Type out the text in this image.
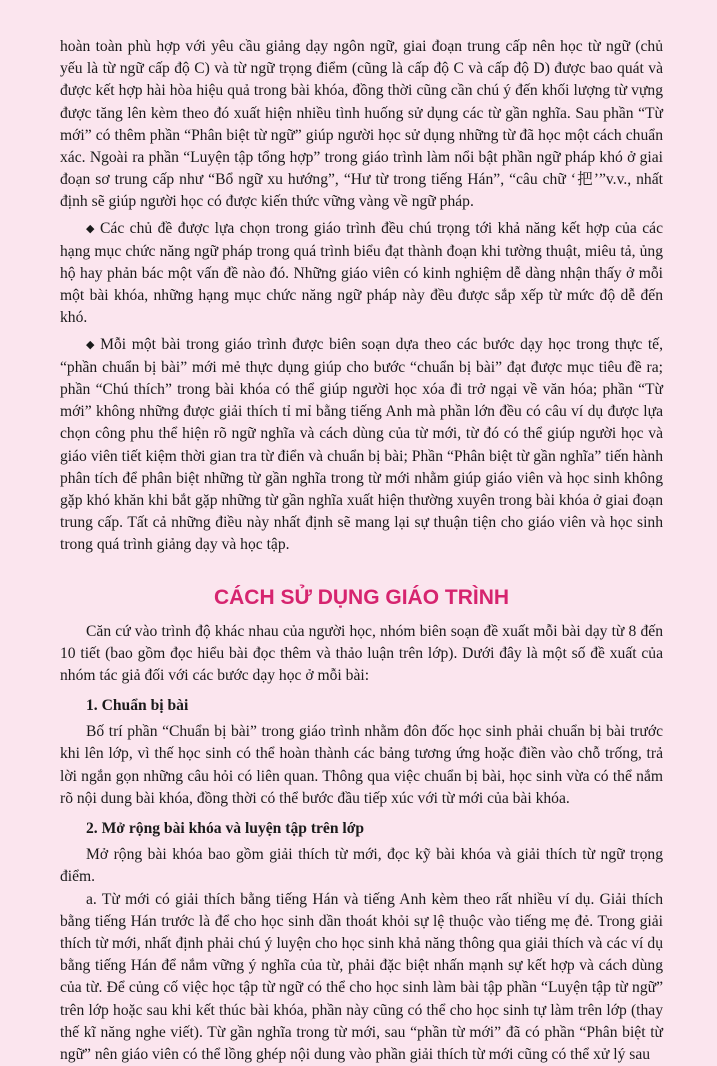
hoàn toàn phù hợp với yêu cầu giảng dạy ngôn ngữ, giai đoạn trung cấp nên học từ ngữ (chủ yếu là từ ngữ cấp độ C) và từ ngữ trọng điểm (cũng là cấp độ C và cấp độ D) được bao quát và được kết hợp hài hòa hiệu quả trong bài khóa, đồng thời cũng cần chú ý đến khối lượng từ vựng được tăng lên kèm theo đó xuất hiện nhiều tình huống sử dụng các từ gần nghĩa. Sau phần “Từ mới” có thêm phần “Phân biệt từ ngữ” giúp người học sử dụng những từ đã học một cách chuẩn xác. Ngoài ra phần “Luyện tập tổng hợp” trong giáo trình làm nổi bật phần ngữ pháp khó ở giai đoạn sơ trung cấp như “Bổ ngữ xu hướng”, “Hư từ trong tiếng Hán”, “câu chữ ‘把’”v.v., nhất định sẽ giúp người học có được kiến thức vững vàng về ngữ pháp.

◆ Các chủ đề được lựa chọn trong giáo trình đều chú trọng tới khả năng kết hợp của các hạng mục chức năng ngữ pháp trong quá trình biểu đạt thành đoạn khi tường thuật, miêu tả, ủng hộ hay phản bác một vấn đề nào đó. Những giáo viên có kinh nghiệm dễ dàng nhận thấy ở mỗi một bài khóa, những hạng mục chức năng ngữ pháp này đều được sắp xếp từ mức độ dễ đến khó.

◆ Mỗi một bài trong giáo trình được biên soạn dựa theo các bước dạy học trong thực tế, “phần chuẩn bị bài” mới mẻ thực dụng giúp cho bước “chuẩn bị bài” đạt được mục tiêu đề ra; phần “Chú thích” trong bài khóa có thể giúp người học xóa đi trở ngại về văn hóa; phần “Từ mới” không những được giải thích tỉ mỉ bằng tiếng Anh mà phần lớn đều có câu ví dụ được lựa chọn công phu thể hiện rõ ngữ nghĩa và cách dùng của từ mới, từ đó có thể giúp người học và giáo viên tiết kiệm thời gian tra từ điển và chuẩn bị bài; Phần “Phân biệt từ gần nghĩa” tiến hành phân tích để phân biệt những từ gần nghĩa trong từ mới nhằm giúp giáo viên và học sinh không gặp khó khăn khi bắt gặp những từ gần nghĩa xuất hiện thường xuyên trong bài khóa ở giai đoạn trung cấp. Tất cả những điều này nhất định sẽ mang lại sự thuận tiện cho giáo viên và học sinh trong quá trình giảng dạy và học tập.

CÁCH SỬ DỤNG GIÁO TRÌNH

Căn cứ vào trình độ khác nhau của người học, nhóm biên soạn đề xuất mỗi bài dạy từ 8 đến 10 tiết (bao gồm đọc hiểu bài đọc thêm và thảo luận trên lớp). Dưới đây là một số đề xuất của nhóm tác giả đối với các bước dạy học ở mỗi bài:

1. Chuẩn bị bài

Bố trí phần “Chuẩn bị bài” trong giáo trình nhằm đôn đốc học sinh phải chuẩn bị bài trước khi lên lớp, vì thế học sinh có thể hoàn thành các bảng tương ứng hoặc điền vào chỗ trống, trả lời ngắn gọn những câu hỏi có liên quan. Thông qua việc chuẩn bị bài, học sinh vừa có thể nắm rõ nội dung bài khóa, đồng thời có thể bước đầu tiếp xúc với từ mới của bài khóa.

2. Mở rộng bài khóa và luyện tập trên lớp

Mở rộng bài khóa bao gồm giải thích từ mới, đọc kỹ bài khóa và giải thích từ ngữ trọng điểm.

a. Từ mới có giải thích bằng tiếng Hán và tiếng Anh kèm theo rất nhiều ví dụ. Giải thích bằng tiếng Hán trước là để cho học sinh dần thoát khỏi sự lệ thuộc vào tiếng mẹ đẻ. Trong giải thích từ mới, nhất định phải chú ý luyện cho học sinh khả năng thông qua giải thích và các ví dụ bằng tiếng Hán để nắm vững ý nghĩa của từ, phải đặc biệt nhấn mạnh sự kết hợp và cách dùng của từ. Để củng cố việc học tập từ ngữ có thể cho học sinh làm bài tập phần “Luyện tập từ ngữ” trên lớp hoặc sau khi kết thúc bài khóa, phần này cũng có thể cho học sinh tự làm trên lớp (thay thế kĩ năng nghe viết). Từ gần nghĩa trong từ mới, sau “phần từ mới” đã có phần “Phân biệt từ ngữ” nên giáo viên có thể lồng ghép nội dung vào phần giải thích từ mới cũng có thể xử lý sau
